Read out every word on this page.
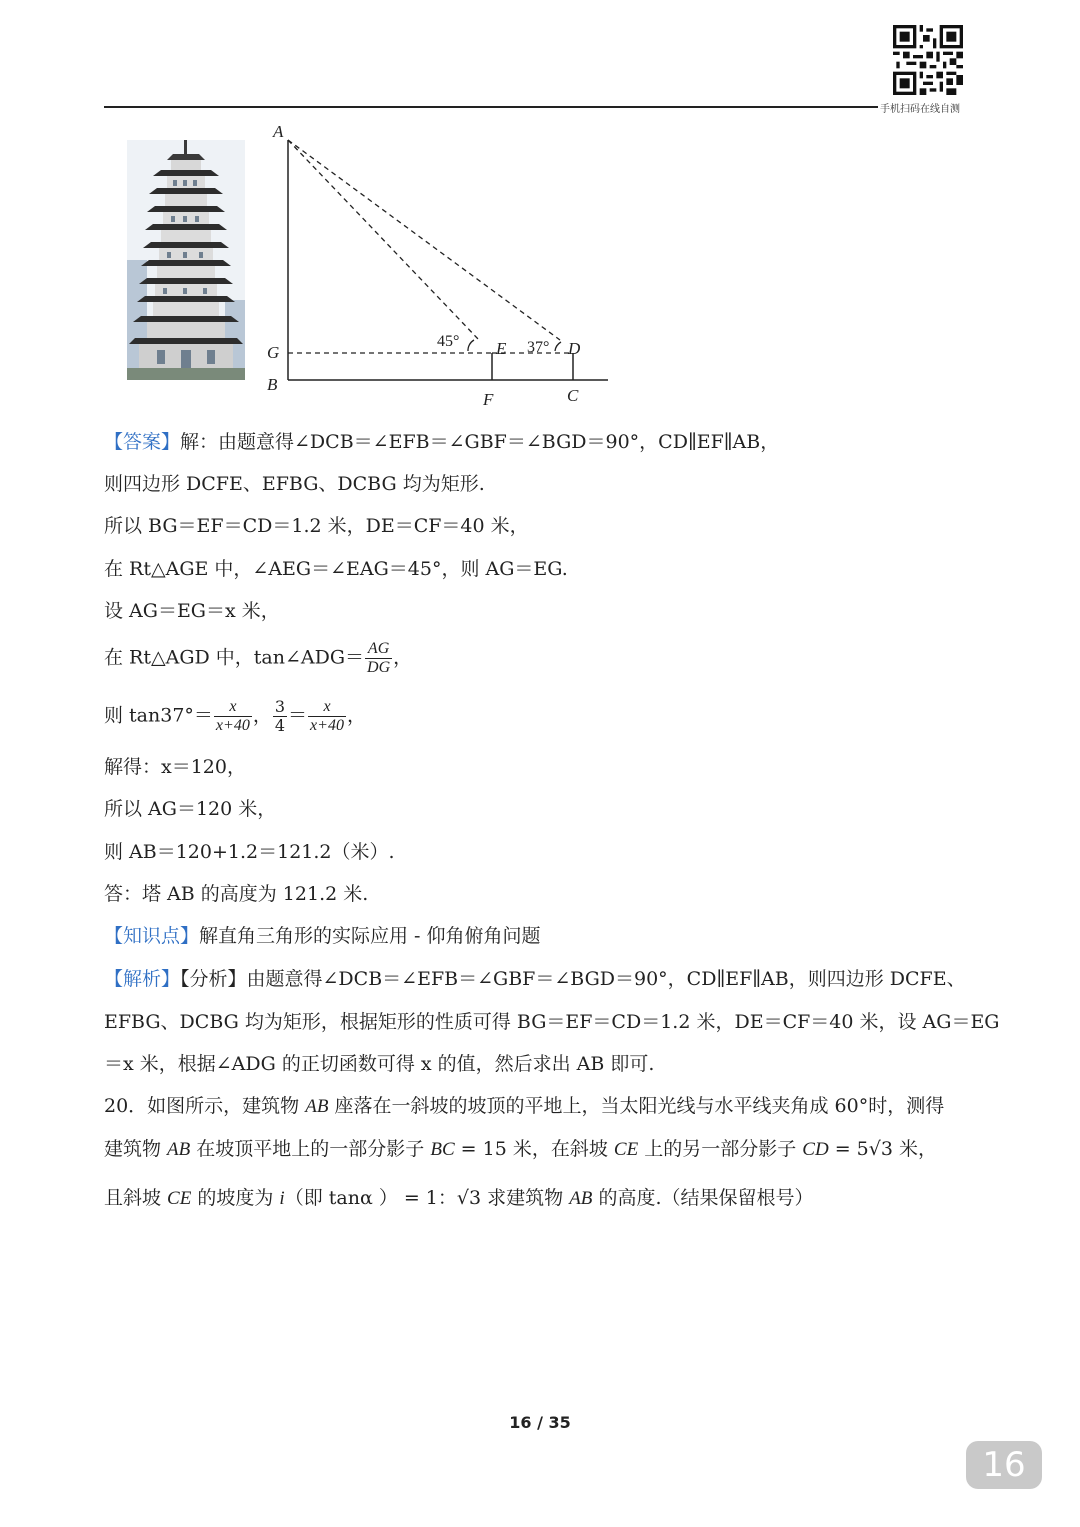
手机扫码在线自测
A
G
B
E
F
D
C
45°	37°
【答案】解：由题意得∠DCB＝∠EFB＝∠GBF＝∠BGD＝90°，CD∥EF∥AB，
则四边形 DCFE、EFBG、DCBG 均为矩形.
所以 BG＝EF＝CD＝1.2 米，DE＝CF＝40 米，
在 Rt△AGE 中，∠AEG＝∠EAG＝45°，则 AG＝EG.
设 AG＝EG＝x 米，
在 Rt△AGD 中，tan∠ADG＝ $\frac{AG}{DG}$ ，
则 $\tan 37^\circ= \frac{x}{x+40}$ ， $\frac{3}{4} = \frac{x}{x+40}$ ，
解得：x＝120，
所以 AG＝120 米，
则 AB＝120+1.2＝121.2（米）.
答：塔 AB 的高度为 121.2 米.
【知识点】解直角三角形的实际应用 - 仰角俯角问题
【解析】【分析】由题意得∠DCB＝∠EFB＝∠GBF＝∠BGD＝90°，CD∥EF∥AB，则四边形 DCFE、
EFBG、DCBG 均为矩形，根据矩形的性质可得 BG＝EF＝CD＝1.2 米，DE＝CF＝40 米，设 AG＝EG
＝x 米，根据∠ADG 的正切函数可得 x 的值，然后求出 AB 即可.
20．如图所示，建筑物 AB 座落在一斜坡的坡顶的平地上，当太阳光线与水平线夹角成 60°时，测得
建筑物 AB 在坡顶平地上的一部分影子 BC = 15 米，在斜坡 CE 上的另一部分影子 CD = 5√3 米，
且斜坡 CE 的坡度为 i（即 tanα ） = 1：√3 求建筑物 AB 的高度.（结果保留根号）
16 / 35
16
